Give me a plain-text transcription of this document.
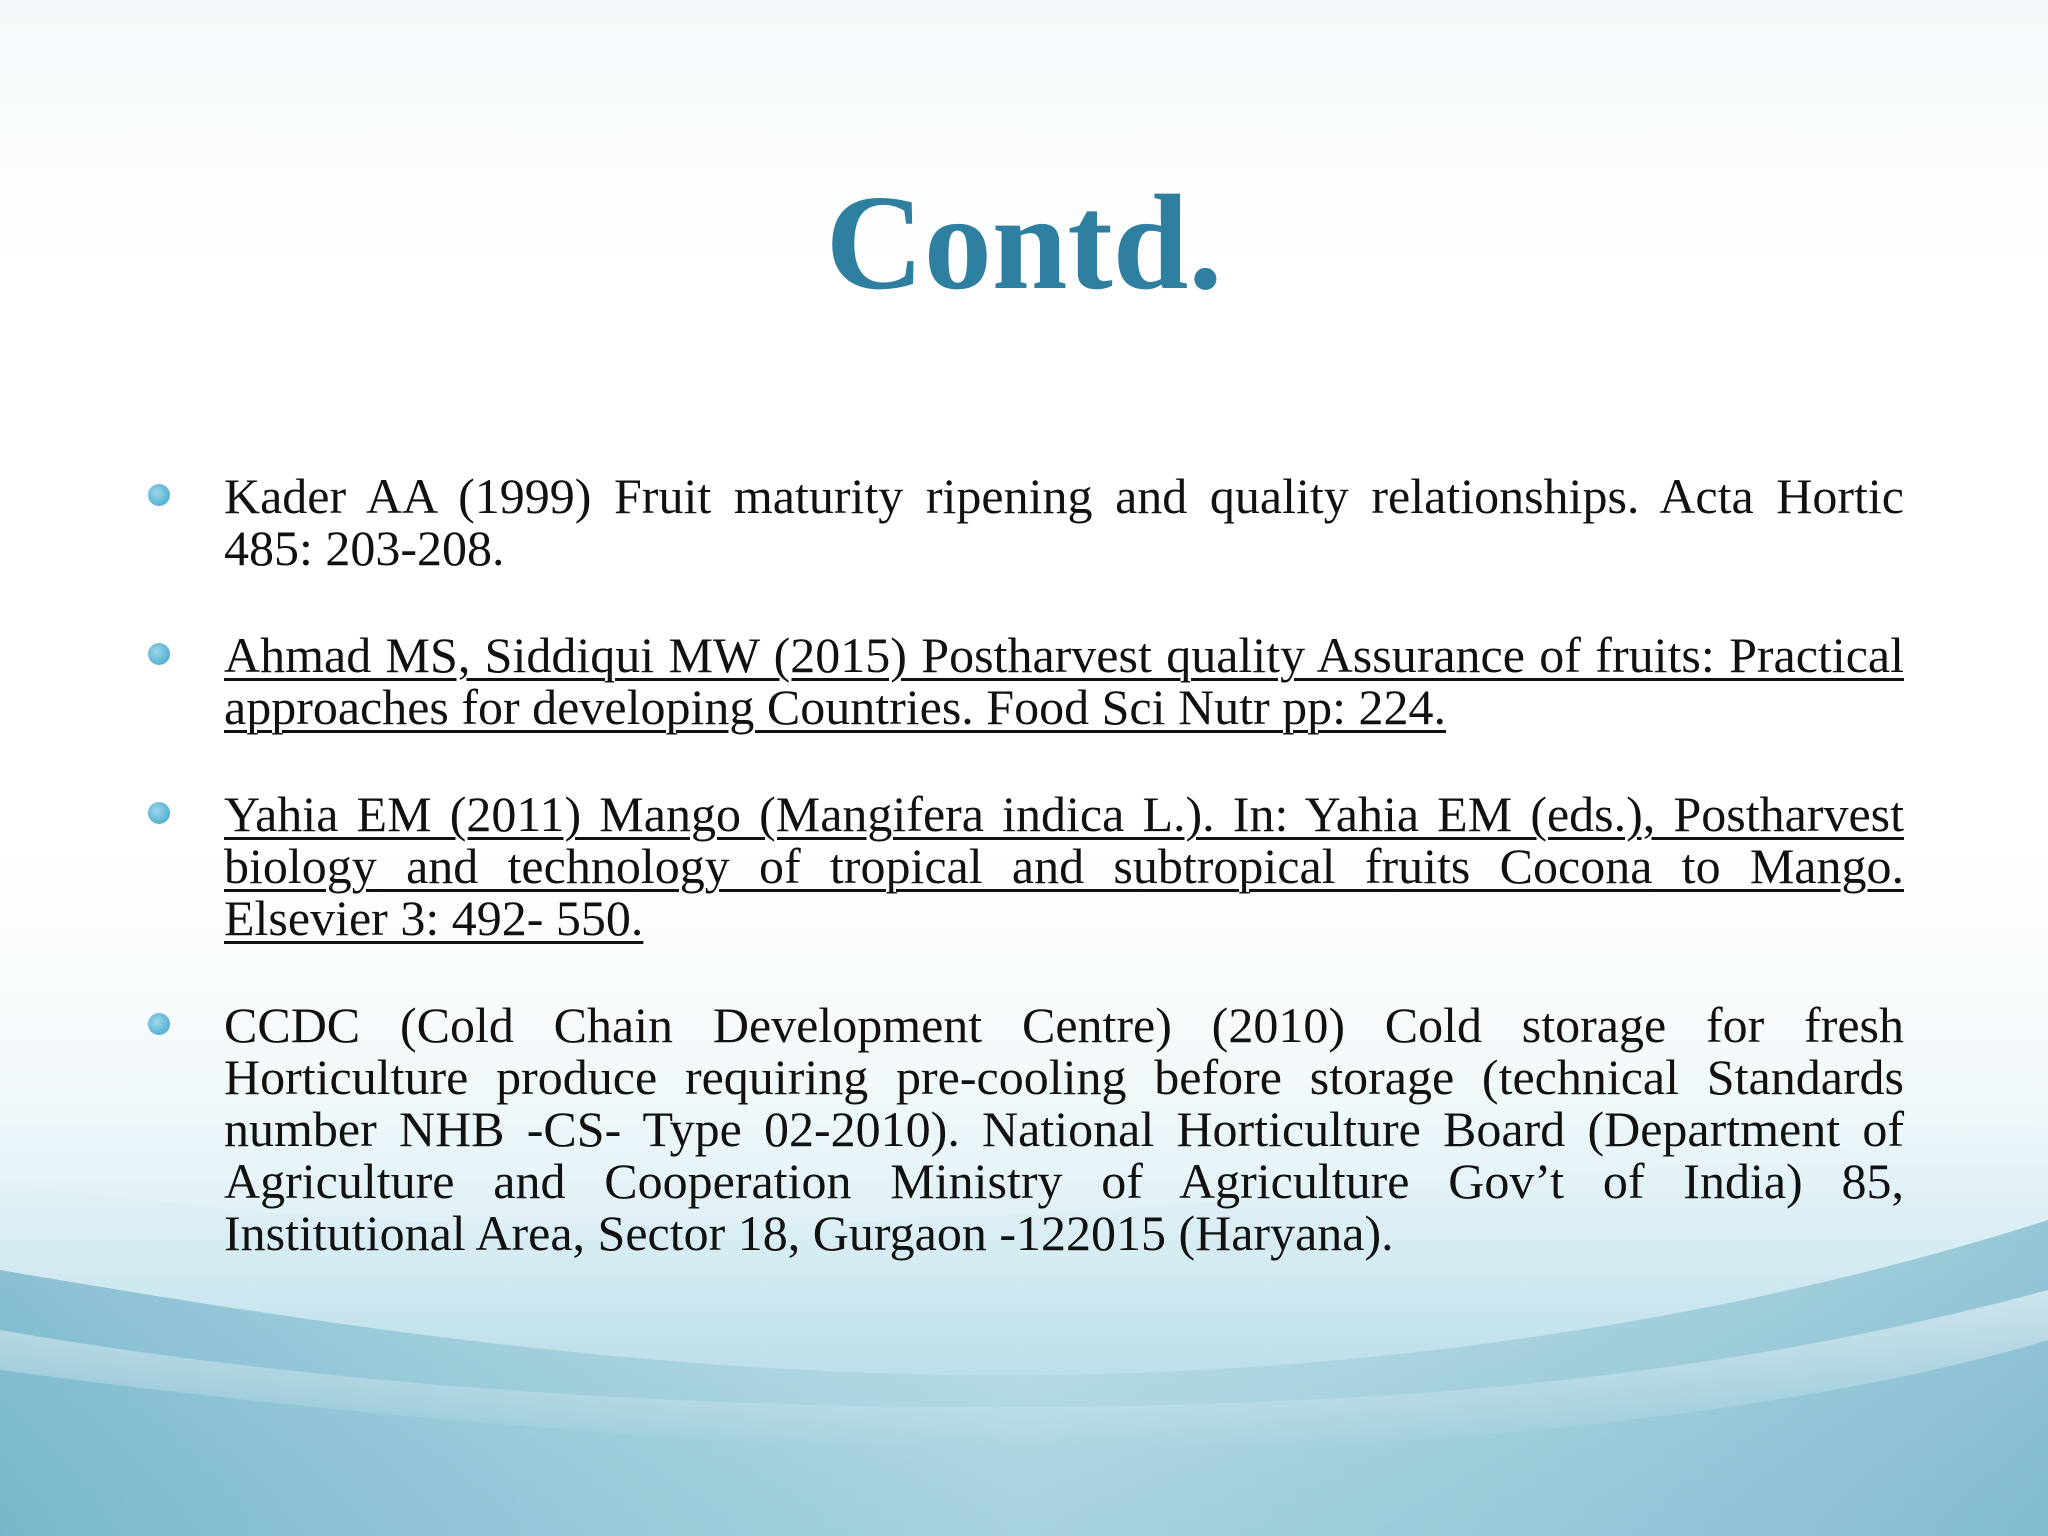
Contd.
Kader AA (1999) Fruit maturity ripening and quality relationships. Acta Hortic 485: 203-208.
Ahmad MS, Siddiqui MW (2015) Postharvest quality Assurance of fruits: Practical approaches for developing Countries. Food Sci Nutr pp: 224.
Yahia EM (2011) Mango (Mangifera indica L.). In: Yahia EM (eds.), Postharvest biology and technology of tropical and subtropical fruits Cocona to Mango. Elsevier 3: 492- 550.
CCDC (Cold Chain Development Centre) (2010) Cold storage for fresh Horticulture produce requiring pre-cooling before storage (technical Standards number NHB -CS- Type 02-2010). National Horticulture Board (Department of Agriculture and Cooperation Ministry of Agriculture Gov’t of India) 85, Institutional Area, Sector 18, Gurgaon -122015 (Haryana).
